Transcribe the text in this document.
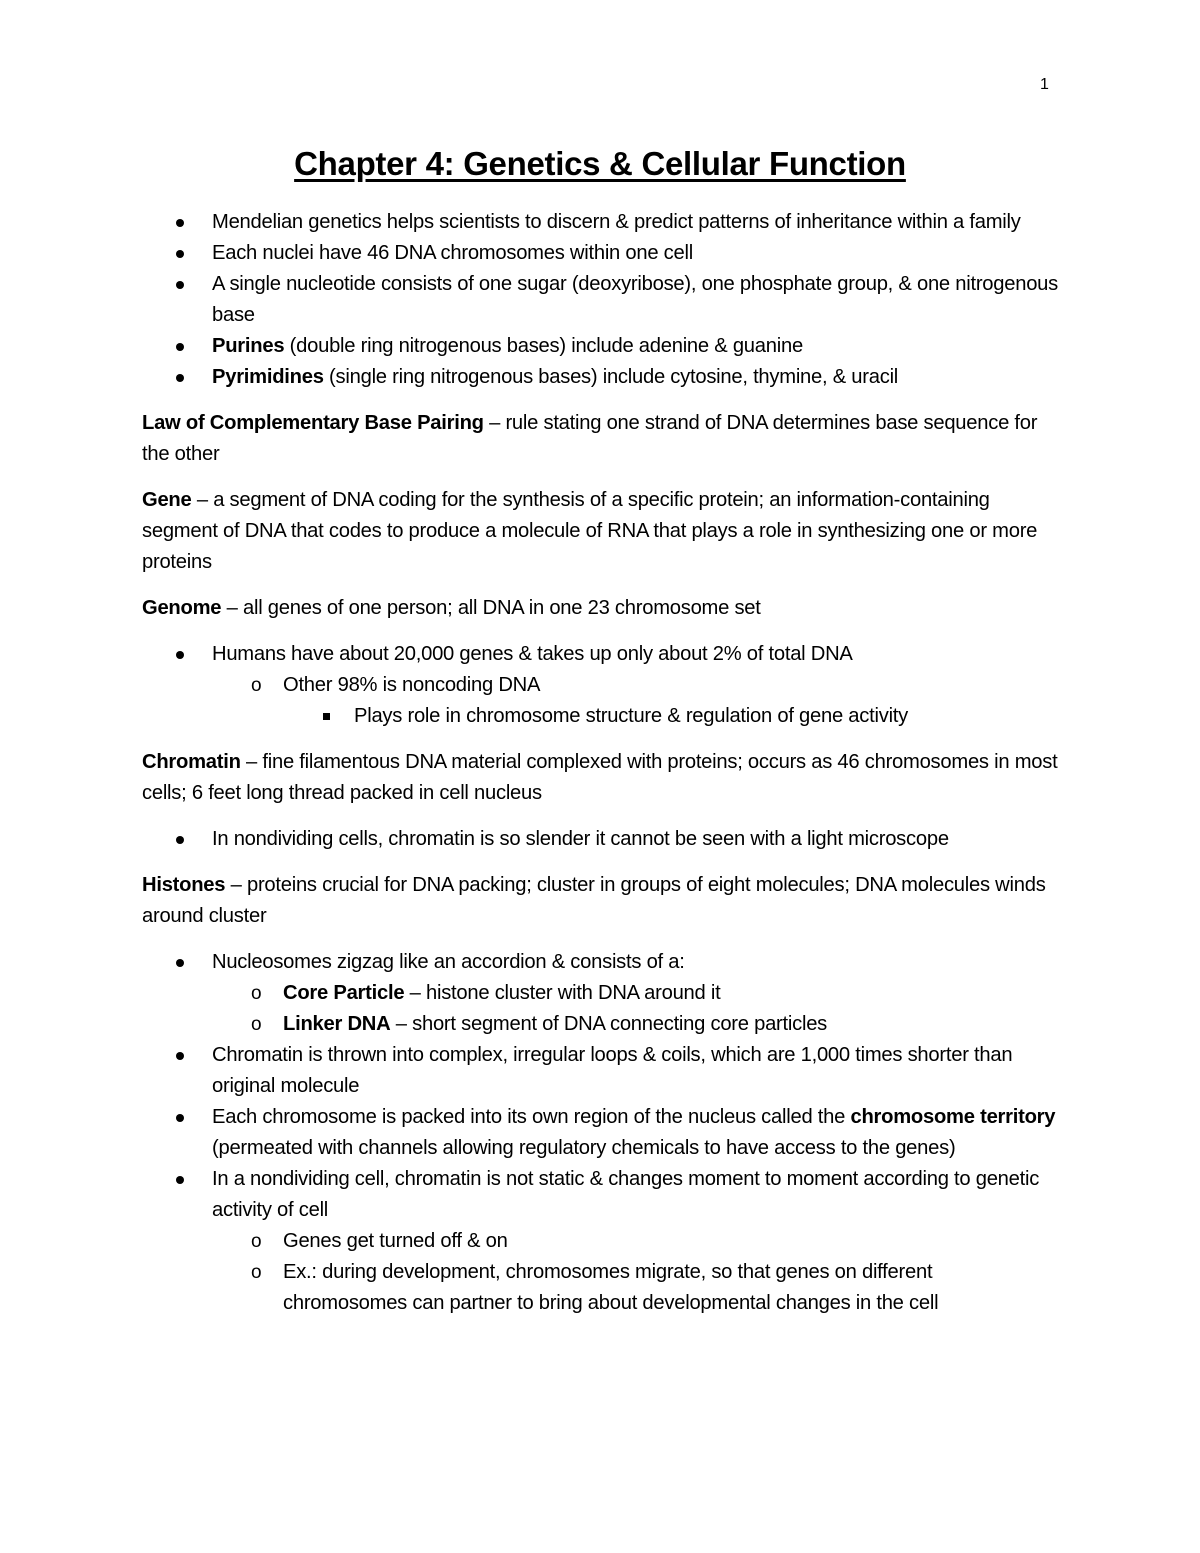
1
Chapter 4: Genetics & Cellular Function
Mendelian genetics helps scientists to discern & predict patterns of inheritance within a family
Each nuclei have 46 DNA chromosomes within one cell
A single nucleotide consists of one sugar (deoxyribose), one phosphate group, & one nitrogenous base
Purines (double ring nitrogenous bases) include adenine & guanine
Pyrimidines (single ring nitrogenous bases) include cytosine, thymine, & uracil

Law of Complementary Base Pairing – rule stating one strand of DNA determines base sequence for the other

Gene – a segment of DNA coding for the synthesis of a specific protein; an information-containing segment of DNA that codes to produce a molecule of RNA that plays a role in synthesizing one or more proteins

Genome – all genes of one person; all DNA in one 23 chromosome set

Humans have about 20,000 genes & takes up only about 2% of total DNA
o Other 98% is noncoding DNA
Plays role in chromosome structure & regulation of gene activity

Chromatin – fine filamentous DNA material complexed with proteins; occurs as 46 chromosomes in most cells; 6 feet long thread packed in cell nucleus

In nondividing cells, chromatin is so slender it cannot be seen with a light microscope

Histones – proteins crucial for DNA packing; cluster in groups of eight molecules; DNA molecules winds around cluster

Nucleosomes zigzag like an accordion & consists of a:
o Core Particle – histone cluster with DNA around it
o Linker DNA – short segment of DNA connecting core particles
Chromatin is thrown into complex, irregular loops & coils, which are 1,000 times shorter than original molecule
Each chromosome is packed into its own region of the nucleus called the chromosome territory (permeated with channels allowing regulatory chemicals to have access to the genes)
In a nondividing cell, chromatin is not static & changes moment to moment according to genetic activity of cell
o Genes get turned off & on
o Ex.: during development, chromosomes migrate, so that genes on different chromosomes can partner to bring about developmental changes in the cell
